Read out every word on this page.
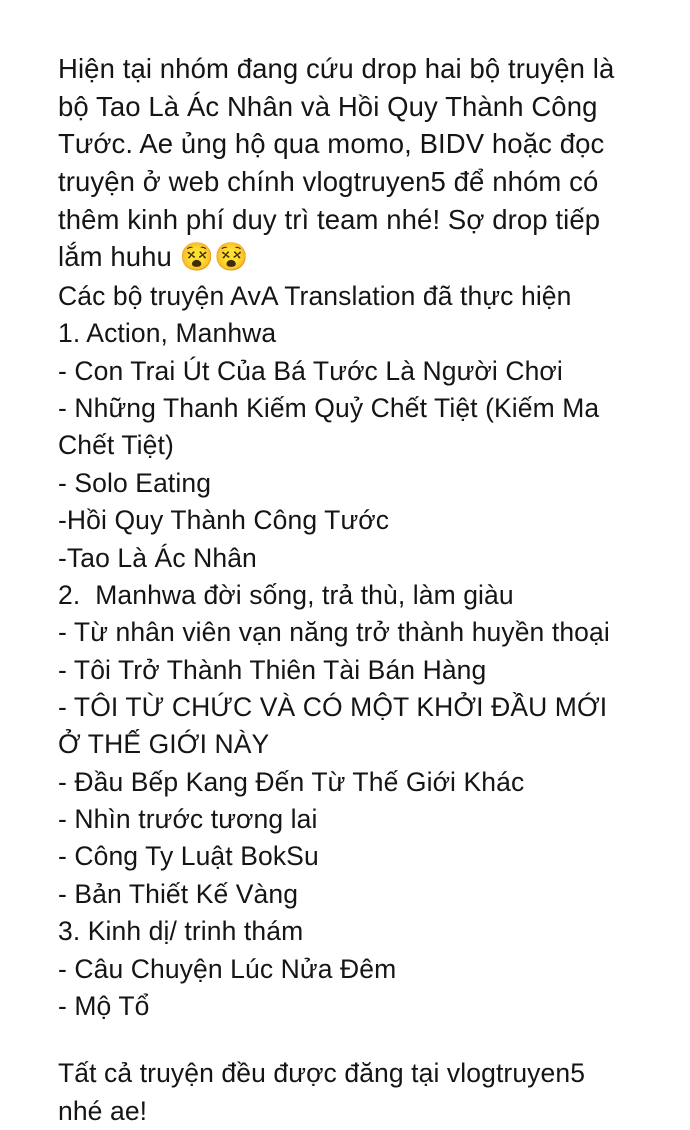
Hiện tại nhóm đang cứu drop hai bộ truyện là bộ Tao Là Ác Nhân và Hồi Quy Thành Công Tước. Ae ủng hộ qua momo, BIDV hoặc đọc truyện ở web chính vlogtruyen5 để nhóm có thêm kinh phí duy trì team nhé! Sợ drop tiếp lắm huhu 😵😵

Các bộ truyện AvA Translation đã thực hiện

1. Action, Manhwa

- Con Trai Út Của Bá Tước Là Người Chơi

- Những Thanh Kiếm Quỷ Chết Tiệt (Kiếm Ma Chết Tiệt)

- Solo Eating

-Hồi Quy Thành Công Tước

-Tao Là Ác Nhân

2.  Manhwa đời sống, trả thù, làm giàu

- Từ nhân viên vạn năng trở thành huyền thoại

- Tôi Trở Thành Thiên Tài Bán Hàng

- TÔI TỪ CHỨC VÀ CÓ MỘT KHỞI ĐẦU MỚI Ở THẾ GIỚI NÀY

- Đầu Bếp Kang Đến Từ Thế Giới Khác

- Nhìn trước tương lai

- Công Ty Luật BokSu

- Bản Thiết Kế Vàng

3. Kinh dị/ trinh thám

- Câu Chuyện Lúc Nửa Đêm

- Mộ Tổ

Tất cả truyện đều được đăng tại vlogtruyen5 nhé ae!
